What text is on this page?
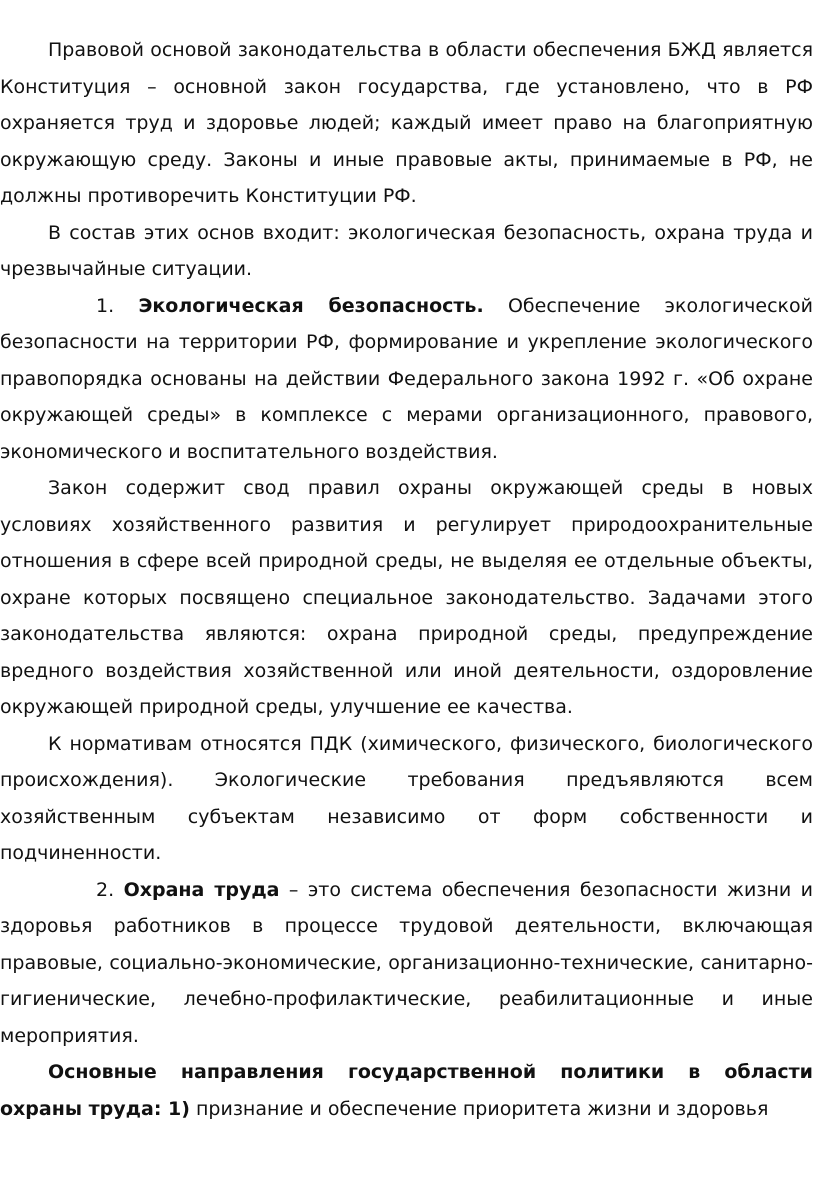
Правовой основой законодательства в области обеспечения БЖД является Конституция – основной закон государства, где установлено, что в РФ охраняется труд и здоровье людей; каждый имеет право на благоприятную окружающую среду. Законы и иные правовые акты, принимаемые в РФ, не должны противоречить Конституции РФ.

В состав этих основ входит: экологическая безопасность, охрана труда и чрезвычайные ситуации.

1. Экологическая безопасность. Обеспечение экологической безопасности на территории РФ, формирование и укрепление экологического правопорядка основаны на действии Федерального закона 1992 г. «Об охране окружающей среды» в комплексе с мерами организационного, правового, экономического и воспитательного воздействия.

Закон содержит свод правил охраны окружающей среды в новых условиях хозяйственного развития и регулирует природоохранительные отношения в сфере всей природной среды, не выделяя ее отдельные объекты, охране которых посвящено специальное законодательство. Задачами этого законодательства являются: охрана природной среды, предупреждение вредного воздействия хозяйственной или иной деятельности, оздоровление окружающей природной среды, улучшение ее качества.

К нормативам относятся ПДК (химического, физического, биологического происхождения). Экологические требования предъявляются всем хозяйственным субъектам независимо от форм собственности и подчиненности.

2. Охрана труда – это система обеспечения безопасности жизни и здоровья работников в процессе трудовой деятельности, включающая правовые, социально-экономические, организационно-технические, санитарно-гигиенические, лечебно-профилактические, реабилитационные и иные мероприятия.

Основные направления государственной политики в области охраны труда: 1) признание и обеспечение приоритета жизни и здоровья
